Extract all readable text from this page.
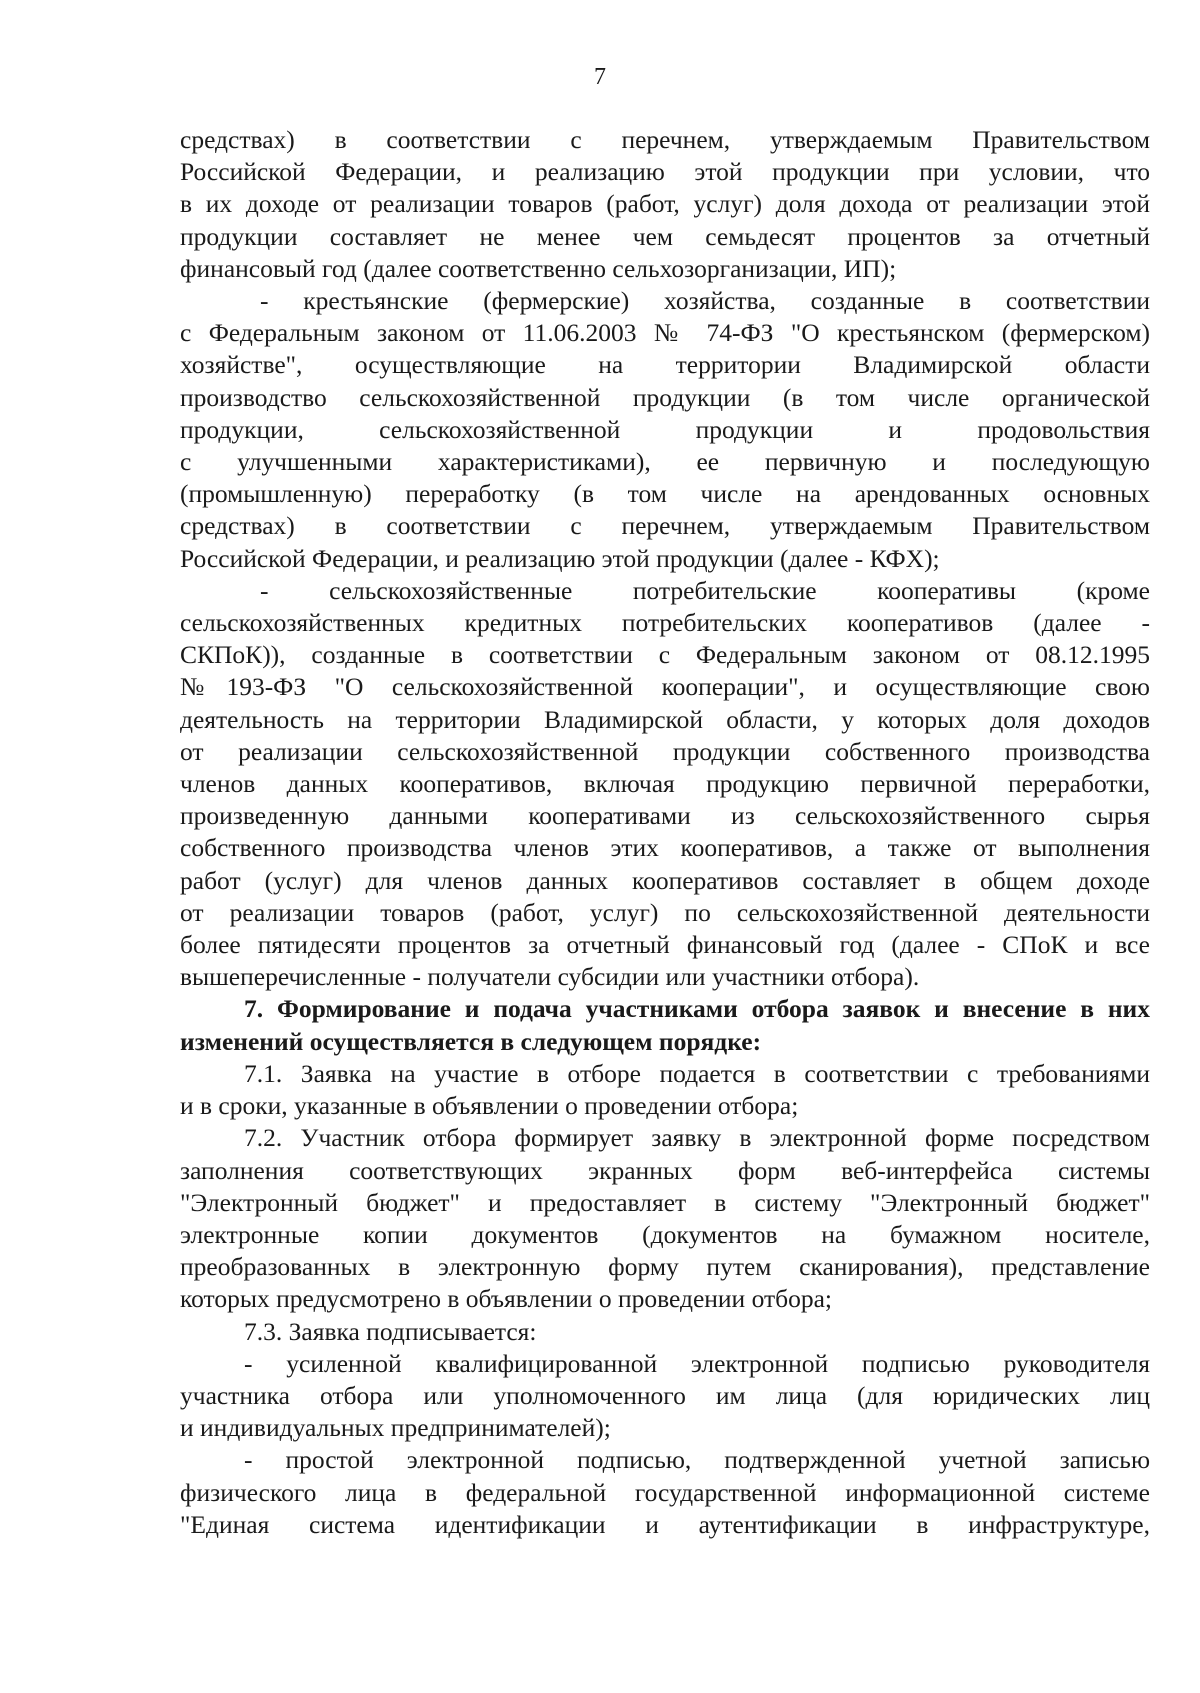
7

средствах) в соответствии с перечнем, утверждаемым Правительством

Российской Федерации, и реализацию этой продукции при условии, что

в их доходе от реализации товаров (работ, услуг) доля дохода от реализации этой

продукции составляет не менее чем семьдесят процентов за отчетный

финансовый год (далее соответственно сельхозорганизации, ИП);

- крестьянские (фермерские) хозяйства, созданные в соответствии

с Федеральным законом от 11.06.2003 № 74-ФЗ "О крестьянском (фермерском)

хозяйстве", осуществляющие на территории Владимирской области

производство сельскохозяйственной продукции (в том числе органической

продукции, сельскохозяйственной продукции и продовольствия

с улучшенными характеристиками), ее первичную и последующую

(промышленную) переработку (в том числе на арендованных основных

средствах) в соответствии с перечнем, утверждаемым Правительством

Российской Федерации, и реализацию этой продукции (далее - КФХ);

- сельскохозяйственные потребительские кооперативы (кроме

сельскохозяйственных кредитных потребительских кооперативов (далее -

СКПоК)), созданные в соответствии с Федеральным законом от 08.12.1995

№193-ФЗ "О сельскохозяйственной кооперации", и осуществляющие свою

деятельность на территории Владимирской области, у которых доля доходов

от реализации сельскохозяйственной продукции собственного производства

членов данных кооперативов, включая продукцию первичной переработки,

произведенную данными кооперативами из сельскохозяйственного сырья

собственного производства членов этих кооперативов, а также от выполнения

работ (услуг) для членов данных кооперативов составляет в общем доходе

от реализации товаров (работ, услуг) по сельскохозяйственной деятельности

более пятидесяти процентов за отчетный финансовый год (далее - СПоК и все

вышеперечисленные - получатели субсидии или участники отбора).

7. Формирование и подача участниками отбора заявок и внесение в них

изменений осуществляется в следующем порядке:

7.1. Заявка на участие в отборе подается в соответствии с требованиями

и в сроки, указанные в объявлении о проведении отбора;

7.2. Участник отбора формирует заявку в электронной форме посредством

заполнения соответствующих экранных форм веб-интерфейса системы

"Электронный бюджет" и предоставляет в систему "Электронный бюджет"

электронные копии документов (документов на бумажном носителе,

преобразованных в электронную форму путем сканирования), представление

которых предусмотрено в объявлении о проведении отбора;

7.3. Заявка подписывается:

- усиленной квалифицированной электронной подписью руководителя

участника отбора или уполномоченного им лица (для юридических лиц

и индивидуальных предпринимателей);

- простой электронной подписью, подтвержденной учетной записью

физического лица в федеральной государственной информационной системе

"Единая система идентификации и аутентификации в инфраструктуре,
